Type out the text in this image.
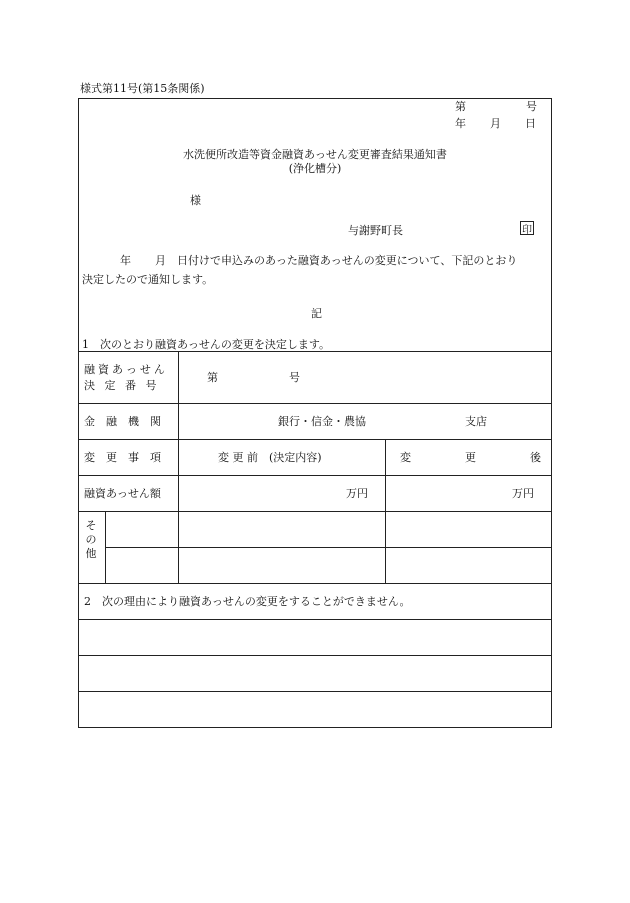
様式第11号(第15条関係)
第	号
年 月 日
水洗便所改造等資金融資あっせん変更審査結果通知書
(浄化槽分)
様
与謝野町長	印
年 月 日付けで申込みのあった融資あっせんの変更について、下記のとおり
決定したので通知します。
記
1　次のとおり融資あっせんの変更を決定します。
融資あっせん
決 定 番 号
第	号
金　融　機　関	銀行・信金・農協	支店
変　更　事　項	変 更 前　(決定内容)	変	更	後
融資あっせん額	万円	万円
そ
の
他
2　次の理由により融資あっせんの変更をすることができません。
